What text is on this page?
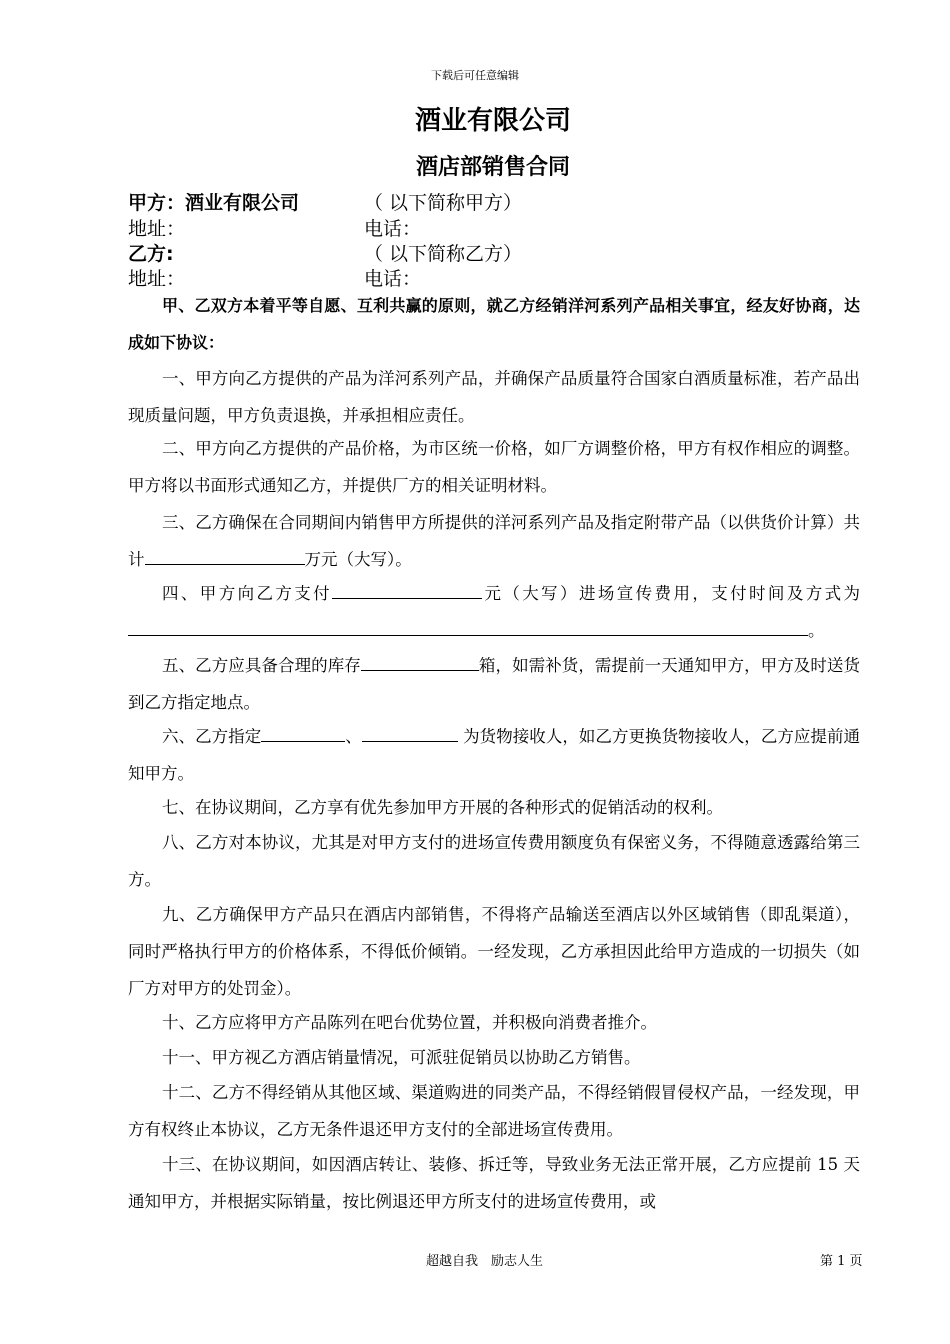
下载后可任意编辑
酒业有限公司
酒店部销售合同
甲方：酒业有限公司	（ 以下简称甲方）
地址：	电话：
乙方:	（ 以下简称乙方）
地址：	电话：
甲、乙双方本着平等自愿、互利共赢的原则，就乙方经销洋河系列产品相关事宜，经友好协商，达成如下协议：
一、甲方向乙方提供的产品为洋河系列产品，并确保产品质量符合国家白酒质量标准，若产品出现质量问题，甲方负责退换，并承担相应责任。
二、甲方向乙方提供的产品价格，为市区统一价格，如厂方调整价格，甲方有权作相应的调整。甲方将以书面形式通知乙方，并提供厂方的相关证明材料。
三、乙方确保在合同期间内销售甲方所提供的洋河系列产品及指定附带产品（以供货价计算）共计	万元（大写）。
四、甲方向乙方支付	元（大写）进场宣传费用，支付时间及方式为。
五、乙方应具备合理的库存	箱，如需补货，需提前一天通知甲方，甲方及时送货到乙方指定地点。
六、乙方指定	、	为货物接收人，如乙方更换货物接收人，乙方应提前通知甲方。
七、在协议期间，乙方享有优先参加甲方开展的各种形式的促销活动的权利。
八、乙方对本协议，尤其是对甲方支付的进场宣传费用额度负有保密义务，不得随意透露给第三方。
九、乙方确保甲方产品只在酒店内部销售，不得将产品输送至酒店以外区域销售（即乱渠道），同时严格执行甲方的价格体系，不得低价倾销。一经发现，乙方承担因此给甲方造成的一切损失（如厂方对甲方的处罚金）。
十、乙方应将甲方产品陈列在吧台优势位置，并积极向消费者推介。
十一、甲方视乙方酒店销量情况，可派驻促销员以协助乙方销售。
十二、乙方不得经销从其他区域、渠道购进的同类产品，不得经销假冒侵权产品，一经发现，甲方有权终止本协议，乙方无条件退还甲方支付的全部进场宣传费用。
十三、在协议期间，如因酒店转让、装修、拆迁等，导致业务无法正常开展，乙方应提前 15 天通知甲方，并根据实际销量，按比例退还甲方所支付的进场宣传费用，或
超越自我　励志人生	第 1 页
